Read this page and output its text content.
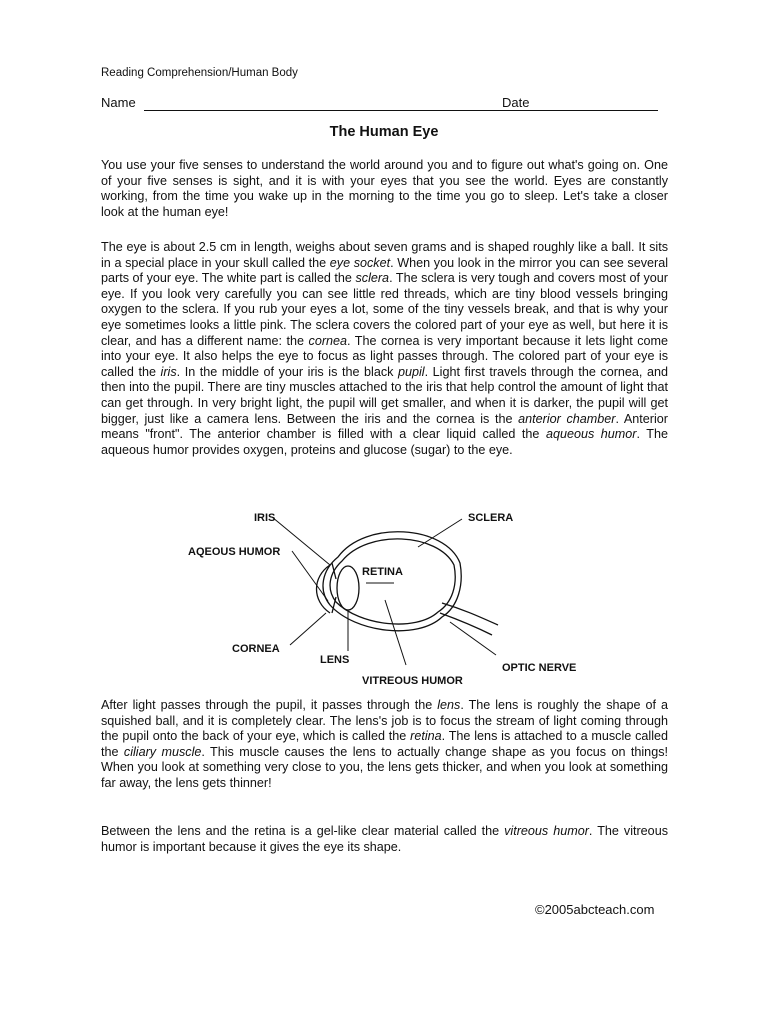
Reading Comprehension/Human Body
Name	Date
The Human Eye

You use your five senses to understand the world around you and to figure out what's going on. One of your five senses is sight, and it is with your eyes that you see the world. Eyes are constantly working, from the time you wake up in the morning to the time you go to sleep. Let's take a closer look at the human eye!

The eye is about 2.5 cm in length, weighs about seven grams and is shaped roughly like a ball. It sits in a special place in your skull called the eye socket. When you look in the mirror you can see several parts of your eye. The white part is called the sclera. The sclera is very tough and covers most of your eye. If you look very carefully you can see little red threads, which are tiny blood vessels bringing oxygen to the sclera. If you rub your eyes a lot, some of the tiny vessels break, and that is why your eye sometimes looks a little pink. The sclera covers the colored part of your eye as well, but here it is clear, and has a different name: the cornea. The cornea is very important because it lets light come into your eye. It also helps the eye to focus as light passes through. The colored part of your eye is called the iris. In the middle of your iris is the black pupil. Light first travels through the cornea, and then into the pupil. There are tiny muscles attached to the iris that help control the amount of light that can get through. In very bright light, the pupil will get smaller, and when it is darker, the pupil will get bigger, just like a camera lens. Between the iris and the cornea is the anterior chamber. Anterior means "front". The anterior chamber is filled with a clear liquid called the aqueous humor. The aqueous humor provides oxygen, proteins and glucose (sugar) to the eye.

IRIS
AQEOUS HUMOR
RETINA
SCLERA
CORNEA
LENS
VITREOUS HUMOR
OPTIC NERVE

After light passes through the pupil, it passes through the lens. The lens is roughly the shape of a squished ball, and it is completely clear. The lens's job is to focus the stream of light coming through the pupil onto the back of your eye, which is called the retina. The lens is attached to a muscle called the ciliary muscle. This muscle causes the lens to actually change shape as you focus on things! When you look at something very close to you, the lens gets thicker, and when you look at something far away, the lens gets thinner!

Between the lens and the retina is a gel-like clear material called the vitreous humor. The vitreous humor is important because it gives the eye its shape.

©2005abcteach.com
